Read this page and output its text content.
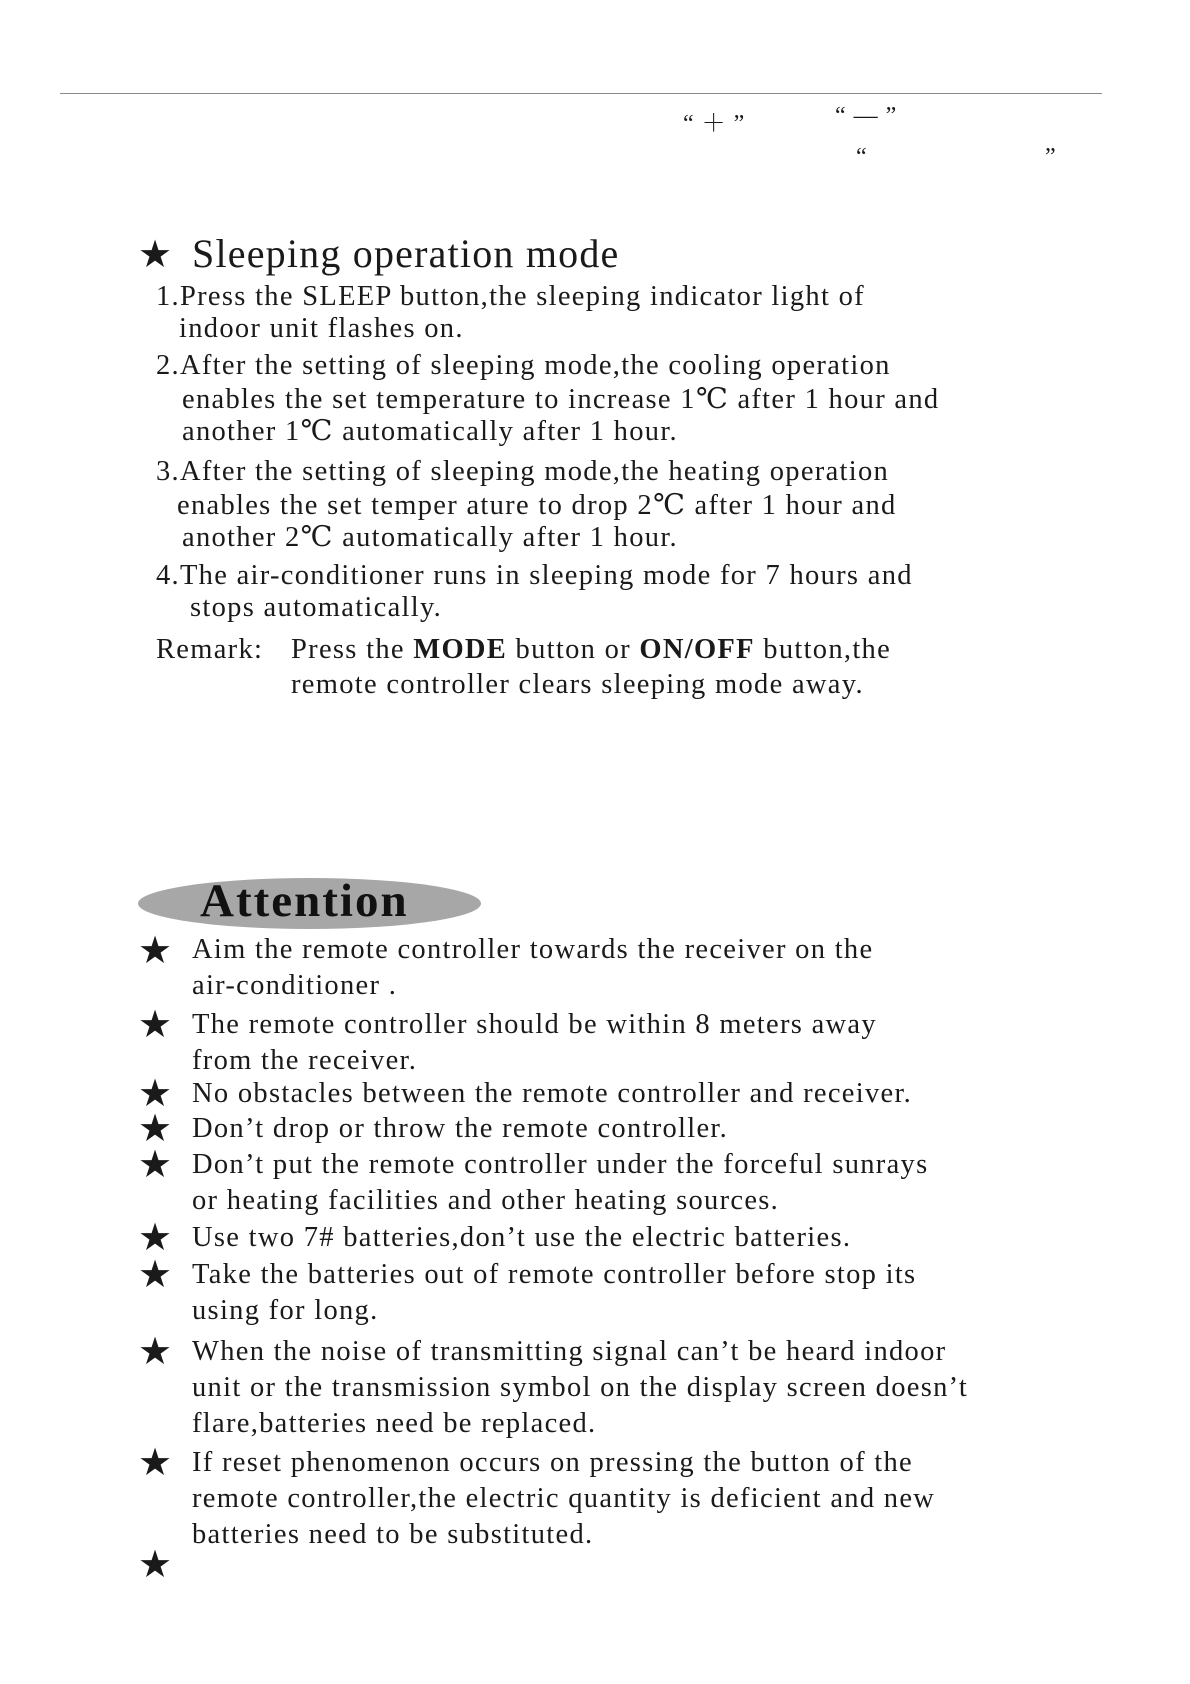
“ ＋ ”	“ — ”
“	”
★ Sleeping operation mode
1.Press the SLEEP button,the sleeping indicator light of
indoor unit flashes on.
2.After the setting of sleeping mode,the cooling operation
enables the set temperature to increase 1℃ after 1 hour and
another 1℃ automatically after 1 hour.
3.After the setting of sleeping mode,the heating operation
enables the set temper ature to drop 2℃ after 1 hour and
another 2℃ automatically after 1 hour.
4.The air-conditioner runs in sleeping mode for 7 hours and
stops automatically.
Remark: Press the MODE button or ON/OFF button,the
remote controller clears sleeping mode away.
Attention
★
★
★
★
★
★
★
★
★
★
Aim the remote controller towards the receiver on the
air-conditioner .
The remote controller should be within 8 meters away
from the receiver.
No obstacles between the remote controller and receiver.
Don’t drop or throw the remote controller.
Don’t put the remote controller under the forceful sunrays
or heating facilities and other heating sources.
Use two 7# batteries,don’t use the electric batteries.
Take the batteries out of remote controller before stop its
using for long.
When the noise of transmitting signal can’t be heard indoor
unit or the transmission symbol on the display screen doesn’t
flare,batteries need be replaced.
If reset phenomenon occurs on pressing the button of the
remote controller,the electric quantity is deficient and new
batteries need to be substituted.
